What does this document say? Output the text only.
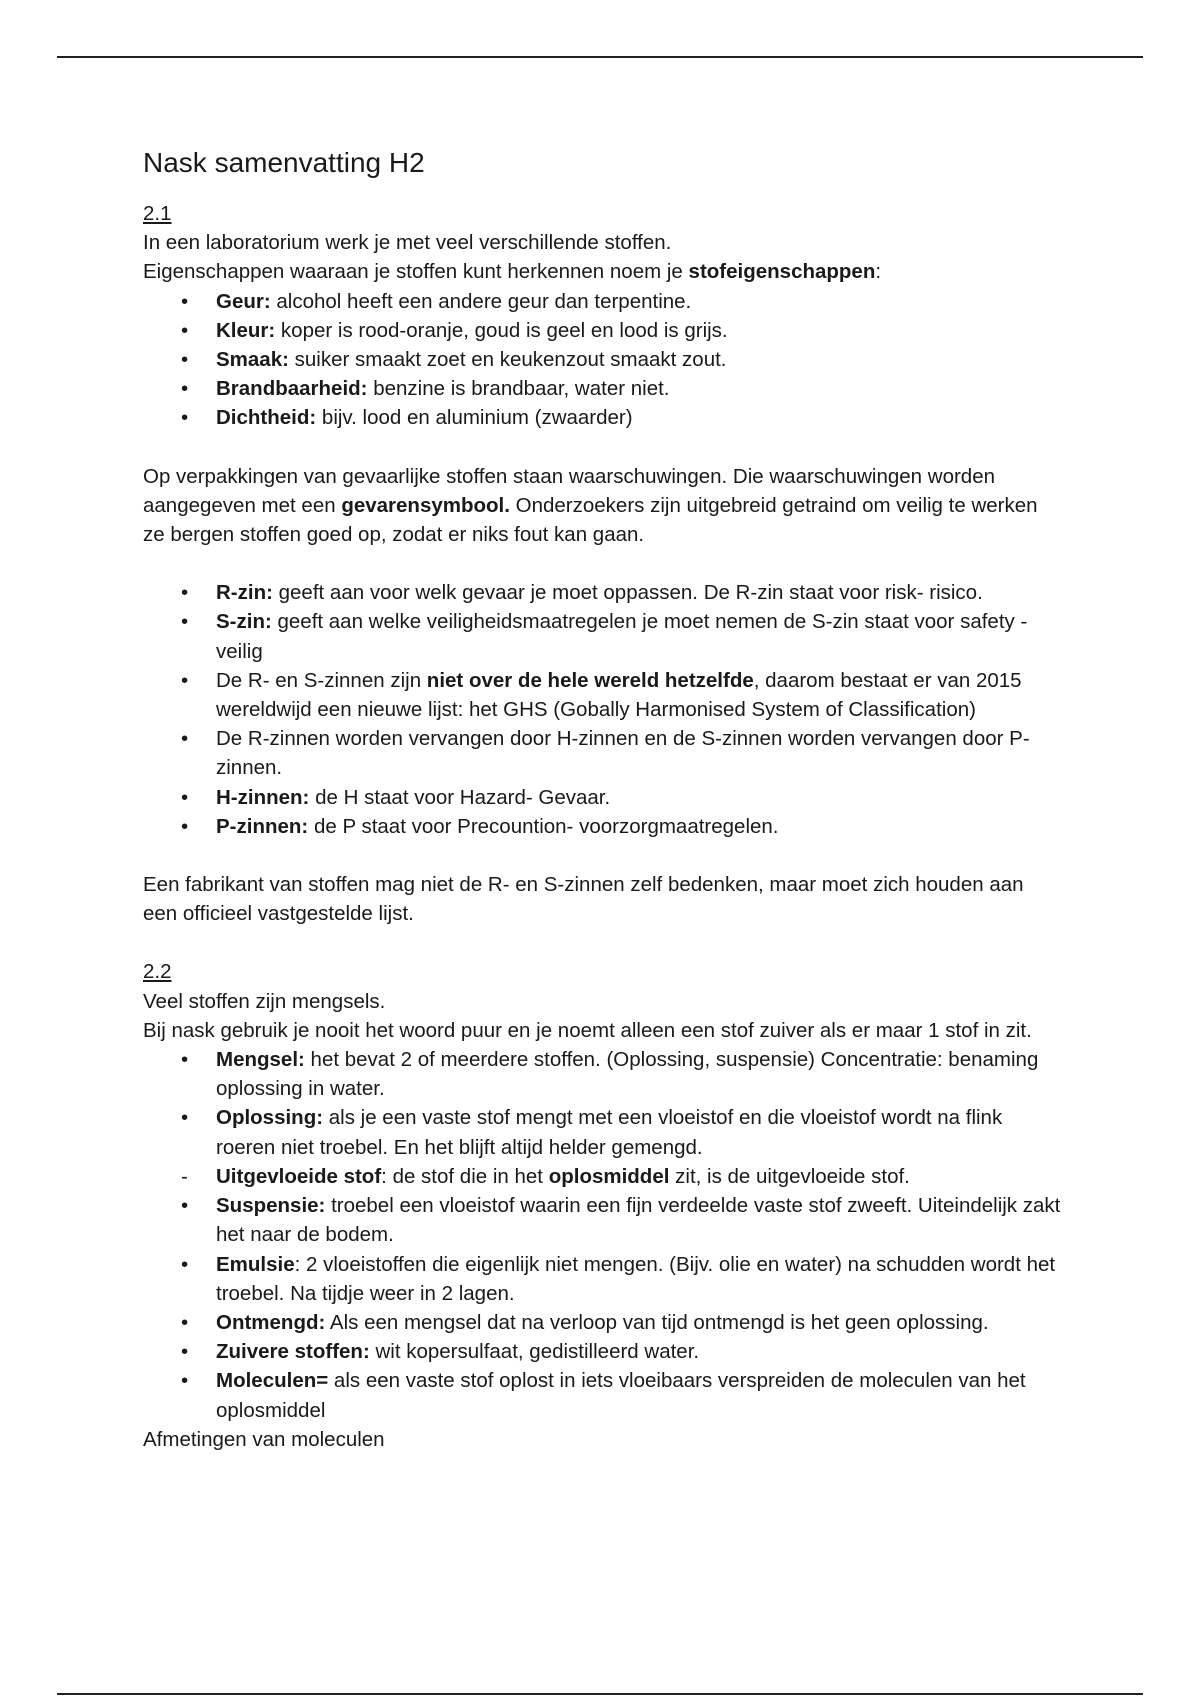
Nask samenvatting H2
2.1

In een laboratorium werk je met veel verschillende stoffen.

Eigenschappen waaraan je stoffen kunt herkennen noem je stofeigenschappen:

•	Geur: alcohol heeft een andere geur dan terpentine.
•	Kleur: koper is rood-oranje, goud is geel en lood is grijs.
•	Smaak: suiker smaakt zoet en keukenzout smaakt zout.
•	Brandbaarheid: benzine is brandbaar, water niet.
•	Dichtheid: bijv. lood en aluminium (zwaarder)

Op verpakkingen van gevaarlijke stoffen staan waarschuwingen. Die waarschuwingen worden aangegeven met een gevarensymbool. Onderzoekers zijn uitgebreid getraind om veilig te werken ze bergen stoffen goed op, zodat er niks fout kan gaan.

•	R-zin: geeft aan voor welk gevaar je moet oppassen. De R-zin staat voor risk- risico.
•	S-zin: geeft aan welke veiligheidsmaatregelen je moet nemen de S-zin staat voor safety -veilig
•	De R- en S-zinnen zijn niet over de hele wereld hetzelfde, daarom bestaat er van 2015 wereldwijd een nieuwe lijst: het GHS (Gobally Harmonised System of Classification)
•	De R-zinnen worden vervangen door H-zinnen en de S-zinnen worden vervangen door P-zinnen.
•	H-zinnen: de H staat voor Hazard- Gevaar.
•	P-zinnen: de P staat voor Precountion- voorzorgmaatregelen.

Een fabrikant van stoffen mag niet de R- en S-zinnen zelf bedenken, maar moet zich houden aan een officieel vastgestelde lijst.

2.2

Veel stoffen zijn mengsels.

Bij nask gebruik je nooit het woord puur en je noemt alleen een stof zuiver als er maar 1 stof in zit.

•	Mengsel: het bevat 2 of meerdere stoffen. (Oplossing, suspensie) Concentratie: benaming oplossing in water.
•	Oplossing: als je een vaste stof mengt met een vloeistof en die vloeistof wordt na flink roeren niet troebel. En het blijft altijd helder gemengd.
-	Uitgevloeide stof: de stof die in het oplosmiddel zit, is de uitgevloeide stof.
•	Suspensie: troebel een vloeistof waarin een fijn verdeelde vaste stof zweeft. Uiteindelijk zakt het naar de bodem.
•	Emulsie: 2 vloeistoffen die eigenlijk niet mengen. (Bijv. olie en water) na schudden wordt het troebel. Na tijdje weer in 2 lagen.
•	Ontmengd: Als een mengsel dat na verloop van tijd ontmengd is het geen oplossing.
•	Zuivere stoffen: wit kopersulfaat, gedistilleerd water.
•	Moleculen= als een vaste stof oplost in iets vloeibaars verspreiden de moleculen van het oplosmiddel

Afmetingen van moleculen
